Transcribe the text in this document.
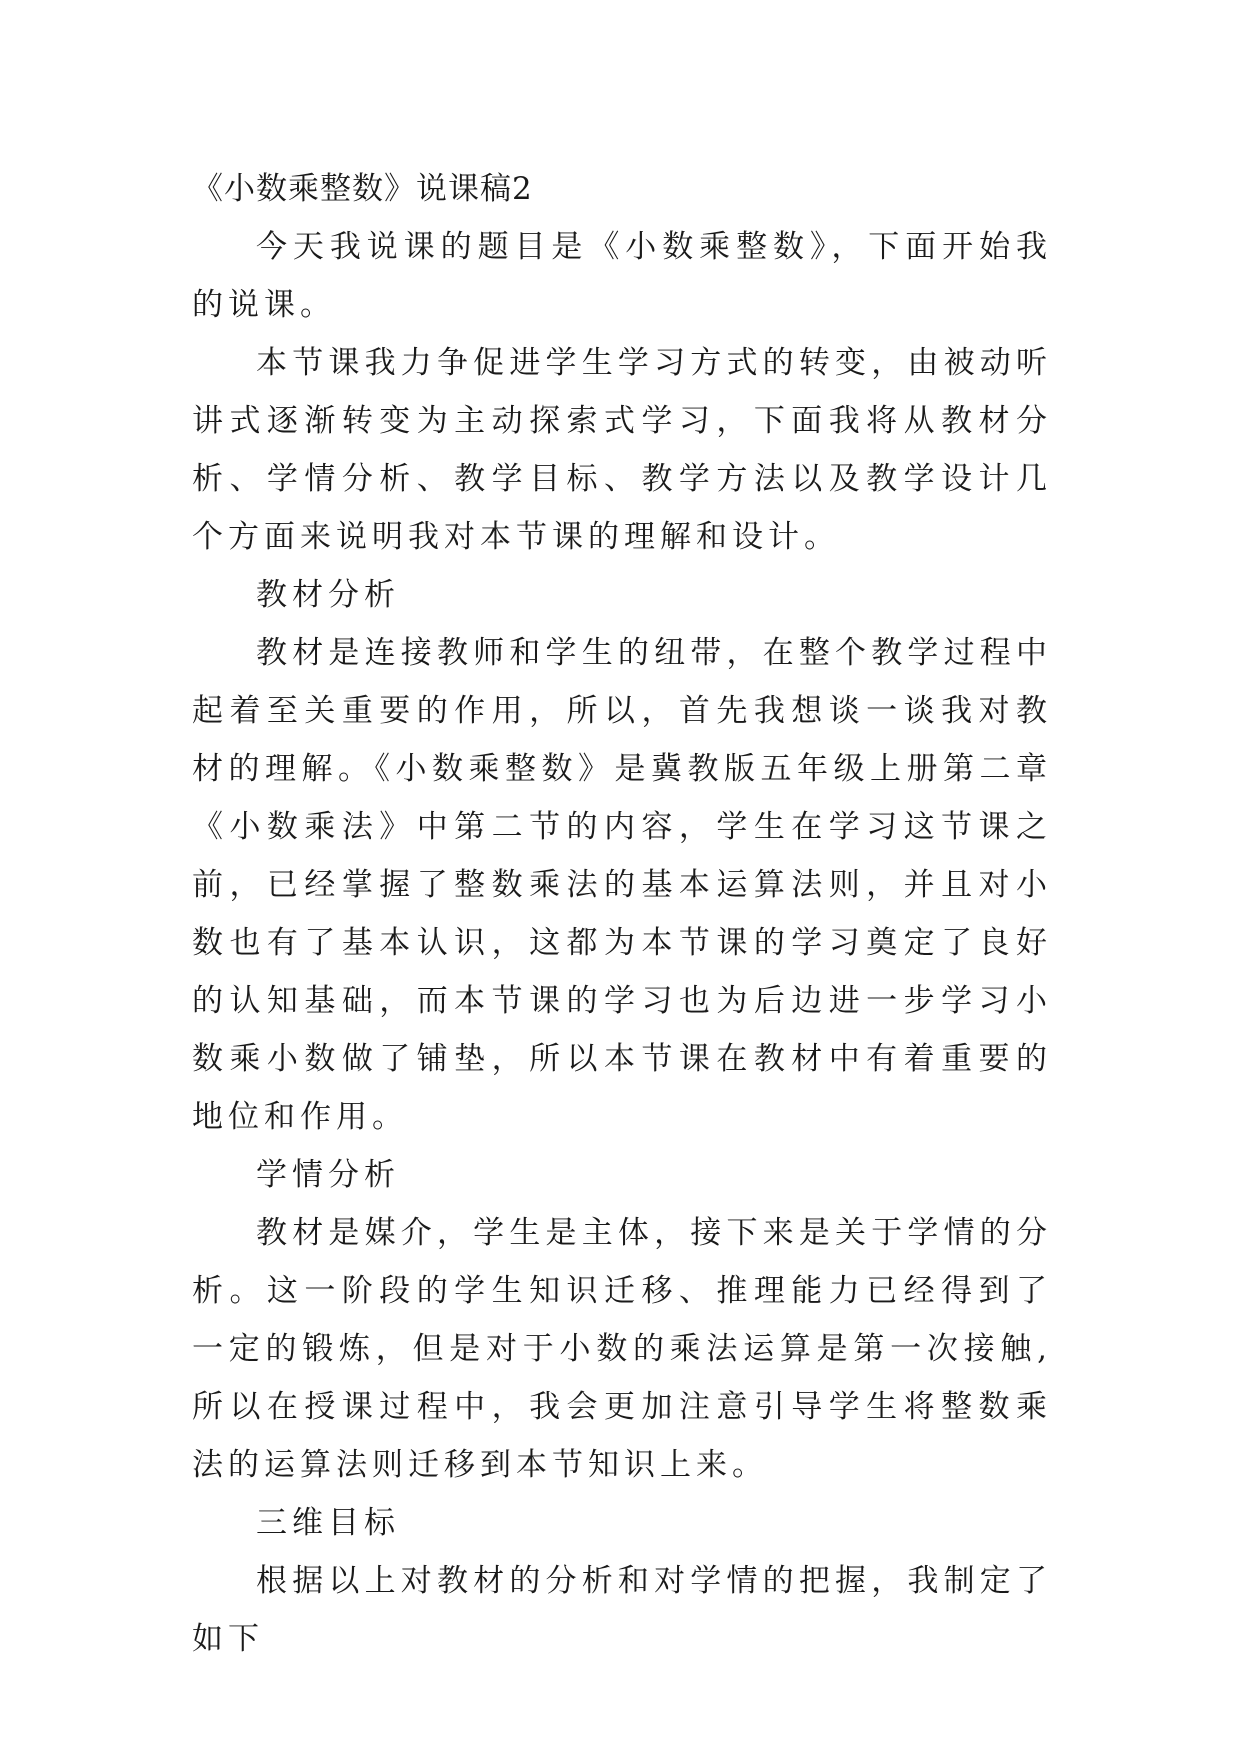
《小数乘整数》说课稿2

今天我说课的题目是《小数乘整数》，下面开始我的说课。

本节课我力争促进学生学习方式的转变，由被动听讲式逐渐转变为主动探索式学习，下面我将从教材分析、学情分析、教学目标、教学方法以及教学设计几个方面来说明我对本节课的理解和设计。

教材分析

教材是连接教师和学生的纽带，在整个教学过程中起着至关重要的作用，所以，首先我想谈一谈我对教材的理解。《小数乘整数》是冀教版五年级上册第二章《小数乘法》中第二节的内容，学生在学习这节课之前，已经掌握了整数乘法的基本运算法则，并且对小数也有了基本认识，这都为本节课的学习奠定了良好的认知基础，而本节课的学习也为后边进一步学习小数乘小数做了铺垫，所以本节课在教材中有着重要的地位和作用。

学情分析

教材是媒介，学生是主体，接下来是关于学情的分析。这一阶段的学生知识迁移、推理能力已经得到了一定的锻炼，但是对于小数的乘法运算是第一次接触,所以在授课过程中，我会更加注意引导学生将整数乘法的运算法则迁移到本节知识上来。

三维目标

根据以上对教材的分析和对学情的把握，我制定了如下
